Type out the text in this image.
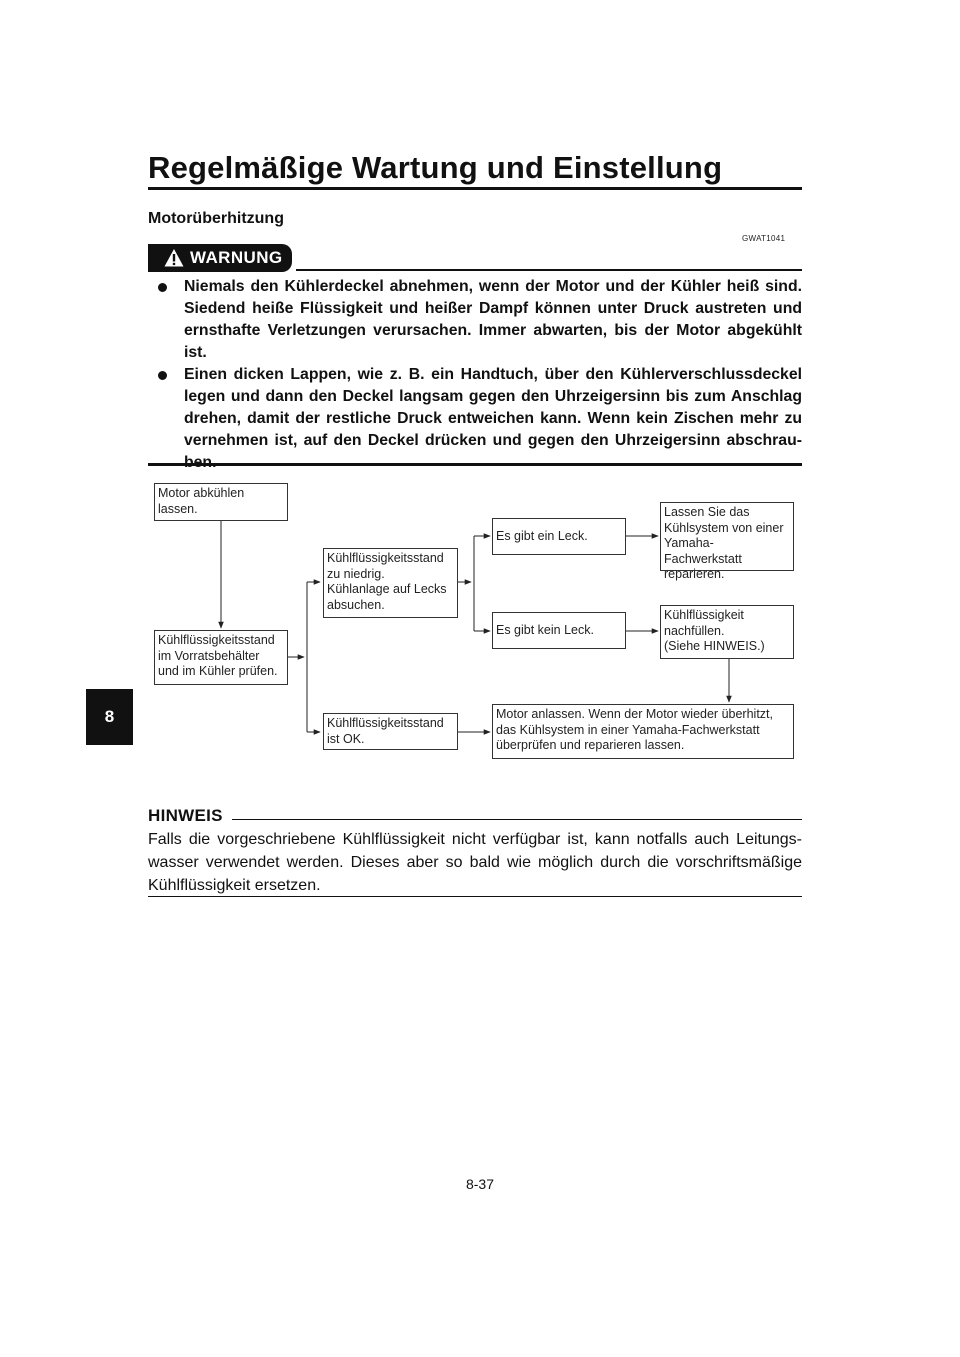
Regelmäßige Wartung und Einstellung
Motorüberhitzung
GWAT1041
WARNUNG
Niemals den Kühlerdeckel abnehmen, wenn der Motor und der Kühler heiß sind. Siedend heiße Flüssigkeit und heißer Dampf können unter Druck austreten und ernsthafte Verletzungen verursachen. Immer abwarten, bis der Motor abgekühlt ist.
Einen dicken Lappen, wie z. B. ein Handtuch, über den Kühlerverschlussdeckel legen und dann den Deckel langsam gegen den Uhrzeigersinn bis zum Anschlag drehen, damit der restliche Druck entweichen kann. Wenn kein Zischen mehr zu vernehmen ist, auf den Deckel drücken und gegen den Uhrzeigersinn abschrau-
8
Motor abkühlen
lassen.
Kühlflüssigkeitsstand
im Vorratsbehälter
und im Kühler prüfen.
Kühlflüssigkeitsstand
zu niedrig.
Kühlanlage auf Lecks
absuchen.
Kühlflüssigkeitsstand
ist OK.
Es gibt ein Leck.
Es gibt kein Leck.
Lassen Sie das
Kühlsystem von einer
Yamaha-Fachwerkstatt
reparieren.
Kühlflüssigkeit
nachfüllen.
(Siehe HINWEIS.)
Motor anlassen. Wenn der Motor wieder überhitzt,
das Kühlsystem in einer Yamaha-Fachwerkstatt
überprüfen und reparieren lassen.
HINWEIS
Falls die vorgeschriebene Kühlflüssigkeit nicht verfügbar ist, kann notfalls auch Leitungs-wasser verwendet werden. Dieses aber so bald wie möglich durch die vorschriftsmäßige Kühlflüssigkeit ersetzen.
8-37
